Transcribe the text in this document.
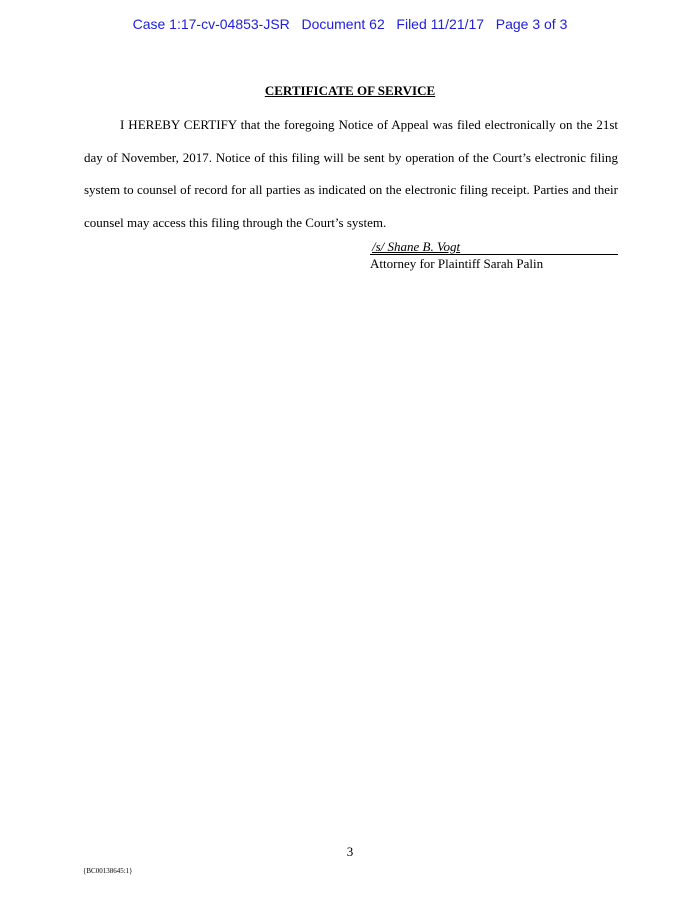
Case 1:17-cv-04853-JSR   Document 62   Filed 11/21/17   Page 3 of 3
CERTIFICATE OF SERVICE
I HEREBY CERTIFY that the foregoing Notice of Appeal was filed electronically on the 21st day of November, 2017. Notice of this filing will be sent by operation of the Court’s electronic filing system to counsel of record for all parties as indicated on the electronic filing receipt. Parties and their counsel may access this filing through the Court’s system.
/s/ Shane B. Vogt
Attorney for Plaintiff Sarah Palin
3
{BC00138645:1}
